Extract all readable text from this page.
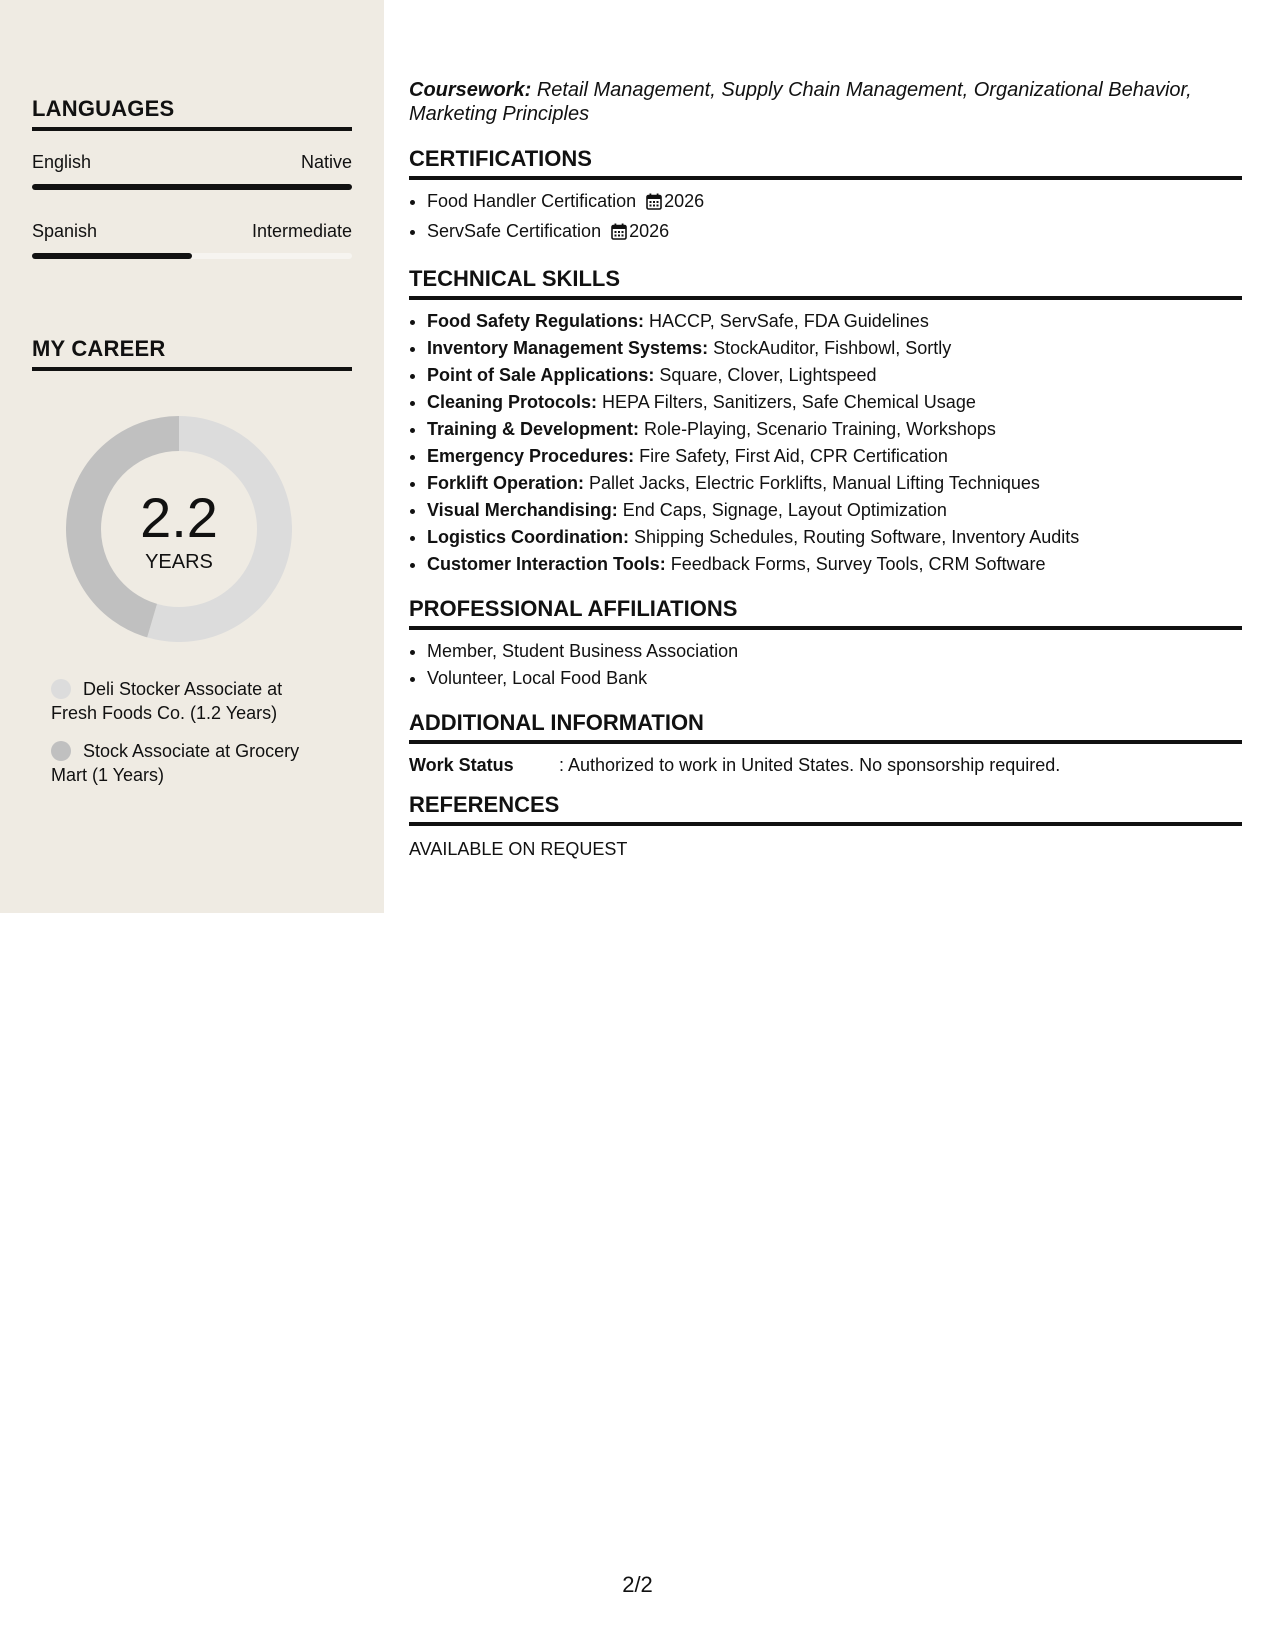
LANGUAGES
English	Native
Spanish	Intermediate
MY CAREER
2.2
YEARS
Deli Stocker Associate at Fresh Foods Co. (1.2 Years)
Stock Associate at Grocery Mart (1 Years)

Coursework: Retail Management, Supply Chain Management, Organizational Behavior, Marketing Principles

CERTIFICATIONS
• Food Handler Certification 2026
• ServSafe Certification 2026
TECHNICAL SKILLS
• Food Safety Regulations: HACCP, ServSafe, FDA Guidelines
• Inventory Management Systems: StockAuditor, Fishbowl, Sortly
• Point of Sale Applications: Square, Clover, Lightspeed
• Cleaning Protocols: HEPA Filters, Sanitizers, Safe Chemical Usage
• Training & Development: Role-Playing, Scenario Training, Workshops
• Emergency Procedures: Fire Safety, First Aid, CPR Certification
• Forklift Operation: Pallet Jacks, Electric Forklifts, Manual Lifting Techniques
• Visual Merchandising: End Caps, Signage, Layout Optimization
• Logistics Coordination: Shipping Schedules, Routing Software, Inventory Audits
• Customer Interaction Tools: Feedback Forms, Survey Tools, CRM Software
PROFESSIONAL AFFILIATIONS
• Member, Student Business Association
• Volunteer, Local Food Bank
ADDITIONAL INFORMATION
Work Status	: Authorized to work in United States. No sponsorship required.
REFERENCES

AVAILABLE ON REQUEST

2/2
